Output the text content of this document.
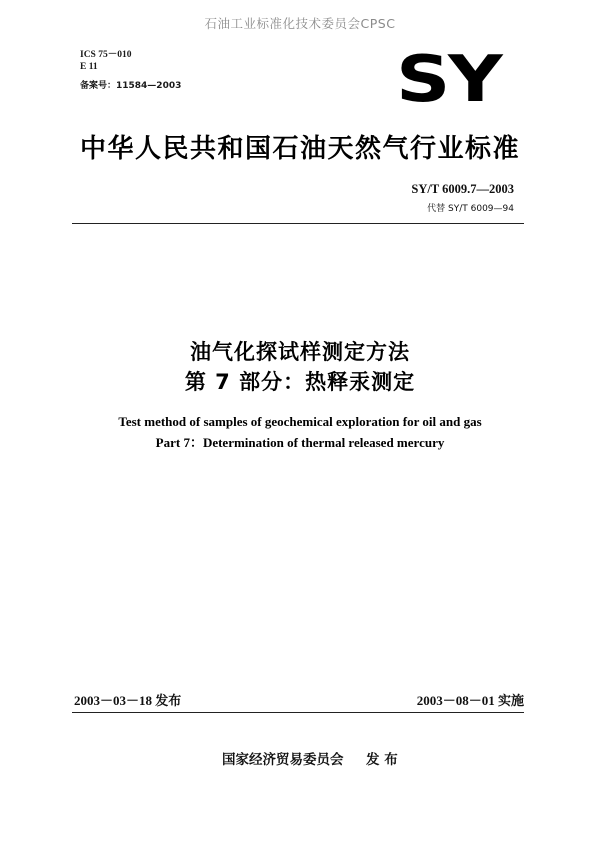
石油工业标准化技术委员会CPSC
ICS 75－010
E 11
备案号：11584—2003	SY
中华人民共和国石油天然气行业标准
SY/T 6009.7—2003
代替 SY/T 6009—94
油气化探试样测定方法
第 7 部分：热释汞测定
Test method of samples of geochemical exploration for oil and gas
Part 7：Determination of thermal released mercury
2003－03－18 发布	2003－08－01 实施
国家经济贸易委员会 发 布
